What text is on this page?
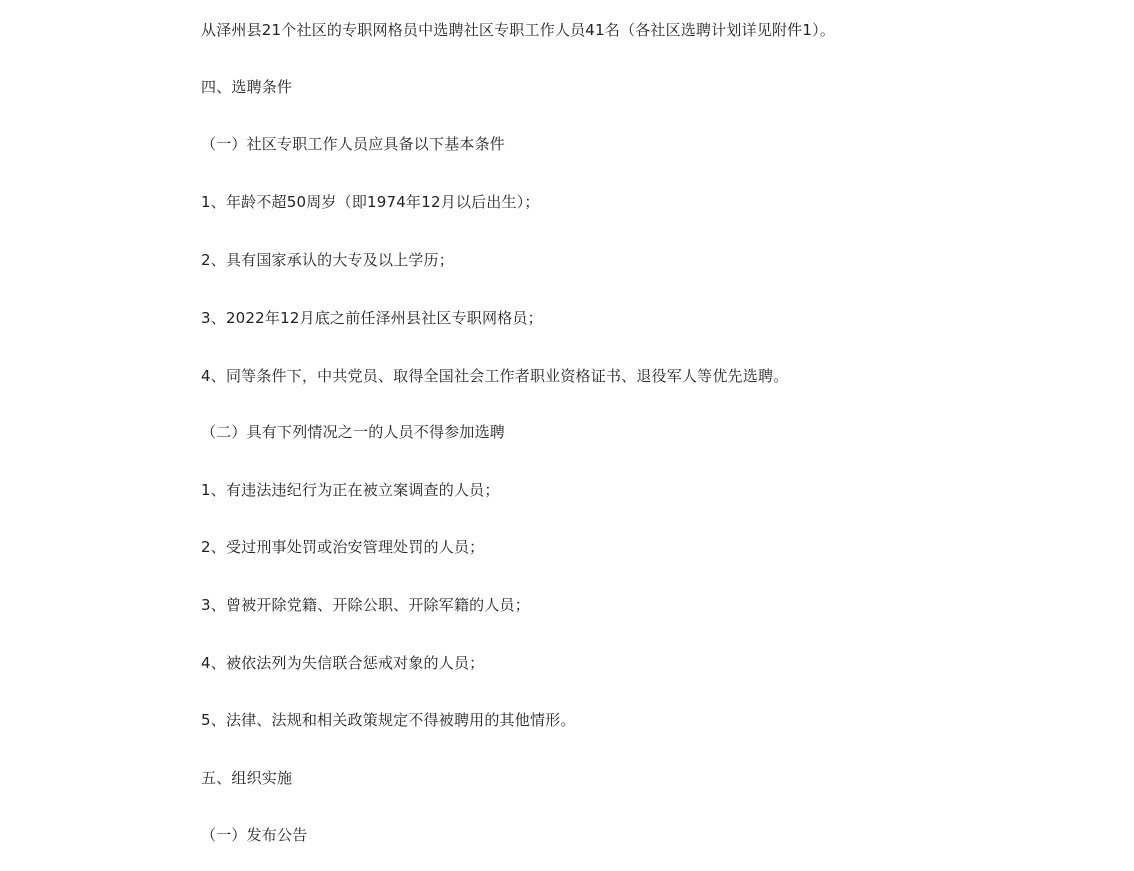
从泽州县21个社区的专职网格员中选聘社区专职工作人员41名（各社区选聘计划详见附件1）。
四、选聘条件
（一）社区专职工作人员应具备以下基本条件
1、年龄不超50周岁（即1974年12月以后出生）；
2、具有国家承认的大专及以上学历；
3、2022年12月底之前任泽州县社区专职网格员；
4、同等条件下，中共党员、取得全国社会工作者职业资格证书、退役军人等优先选聘。
（二）具有下列情况之一的人员不得参加选聘
1、有违法违纪行为正在被立案调查的人员；
2、受过刑事处罚或治安管理处罚的人员；
3、曾被开除党籍、开除公职、开除军籍的人员；
4、被依法列为失信联合惩戒对象的人员；
5、法律、法规和相关政策规定不得被聘用的其他情形。
五、组织实施
（一）发布公告
